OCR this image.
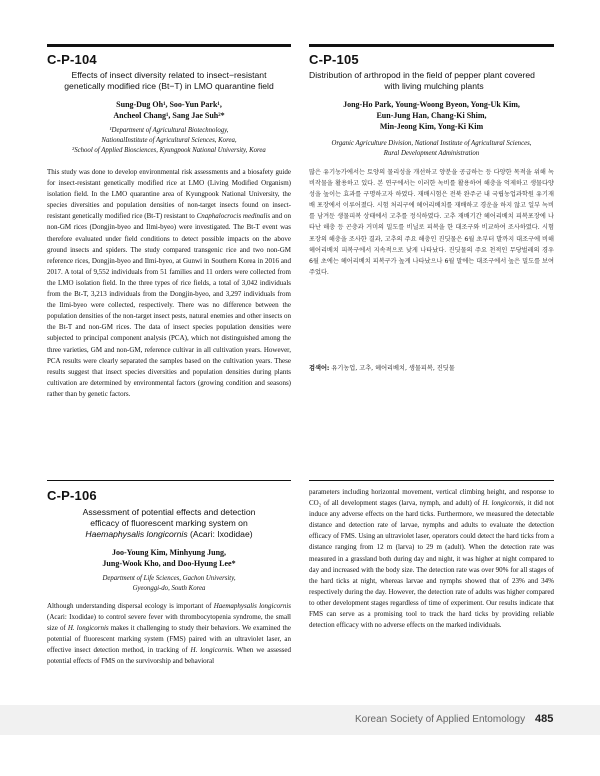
C-P-104
Effects of insect diversity related to insect−resistant
genetically modified rice (Bt−T) in LMO quarantine field
Sung-Dug Oh¹, Soo-Yun Park¹,
Ancheol Chang¹, Sang Jae Suh²*
¹Department of Agricultural Biotechnology,
NationalInstitute of Agricultural Sciences, Korea,
²School of Applied Biosciences, Kyungpook National University, Korea

This study was done to develop environmental risk assessments and a biosafety guide for insect-resistant genetically modified rice at LMO (Living Modified Organism) isolation field. In the LMO quarantine area of Kyungpook National University, the species diversities and population densities of non-target insects found on insect-resistant genetically modified rice (Bt-T) resistant to Cnaphalocrocis medinalis and on non-GM rices (Dongjin-byeo and Ilmi-byeo) were investigated. The Bt-T event was therefore evaluated under field conditions to detect possible impacts on the above ground insects and spiders. The study compared transgenic rice and two non-GM reference rices, Dongjin-byeo and Ilmi-byeo, at Gunwi in Southern Korea in 2016 and 2017. A total of 9,552 individuals from 51 families and 11 orders were collected from the LMO isolation field. In the three types of rice fields, a total of 3,042 individuals from the Bt-T, 3,213 individuals from the Dongjin-byeo, and 3,297 individuals from the Ilmi-byeo were collected, respectively. There was no difference between the population densities of the non-target insect pests, natural enemies and other insects on the Bt-T and non-GM rices. The data of insect species population densities were subjected to principal component analysis (PCA), which not distinguished among the three varieties, GM and non-GM, reference cultivar in all cultivation years. However, PCA results were clearly separated the samples based on the cultivation years. These results suggest that insect species diversities and population densities during plants cultivation are determined by environmental factors (growing condition and seasons) rather than by genetic factors.

C-P-105
Distribution of arthropod in the field of pepper plant covered
with living mulching plants
Jong-Ho Park, Young-Woong Byeon, Yong-Uk Kim,
Eun-Jung Han, Chang-Ki Shim,
Min-Jeong Kim, Yong-Ki Kim
Organic Agriculture Division, National Institute of Agricultural Sciences,
Rural Development Administration
많은 유기농가에서는 토양의 물리성을 개선하고 양분을 공급하는 등 다양한 목적을 위해 녹비작물을 활용하고 있다. 본 연구에서는 이러한 녹비를 활용하여 해충을 억제하고 생물다양성을 높이는 효과를 구명하고자 하였다. 재배시험은 전북 완주군 내 국립농업과학원 유기재배 포장에서 이루어졌다. 시험 처리구에 헤어리베치를 재배하고 경운을 하지 않고 일부 녹비를 남겨둔 생물피복 상태에서 고추를 정식하였다. 고추 재배기간 헤어리베치 피복포장에 나타난 해충 등 곤충과 거미의 밀도를 비닐로 피복을 한 대조구와 비교하여 조사하였다. 시험포장의 해충을 조사한 결과, 고추의 주요 해충인 진딧물은 6월 초부터 발까지 대조구에 비해 헤어리베치 피복구에서 지속적으로 낮게 나타났다. 진딧물의 주요 천적인 무당벌레의 경우 6월 초에는 헤어리베치 피복구가 높게 나타났으나 6월 말에는 대조구에서 높은 밀도를 보여주었다.
검색어: 유기농업, 고추, 헤어리베치, 생물피복, 진딧물
C-P-106
Assessment of potential effects and detection
efficacy of fluorescent marking system on
Haemaphysalis longicornis (Acari: Ixodidae)
Joo-Young Kim, Minhyung Jung,
Jung-Wook Kho, and Doo-Hyung Lee*
Department of Life Sciences, Gachon University,
Gyeonggi-do, South Korea

Although understanding dispersal ecology is important of Haemaphysalis longicornis (Acari: Ixodidae) to control severe fever with thrombocytopenia syndrome, the small size of H. longicornis makes it challenging to study their behaviors. We examined the potential of fluorescent marking system (FMS) paired with an ultraviolet laser, an effective insect detection method, in tracking of H. longicornis. When we assessed potential effects of FMS on the survivorship and behavioral

parameters including horizontal movement, vertical climbing height, and response to CO₂ of all development stages (larva, nymph, and adult) of H. longicornis, it did not induce any adverse effects on the hard ticks. Furthermore, we measured the detectable distance and detection rate of larvae, nymphs and adults to evaluate the detection efficacy of FMS. Using an ultraviolet laser, operators could detect the hard ticks from a distance ranging from 12 m (larva) to 29 m (adult). When the detection rate was measured in a grassland both during day and night, it was higher at night compared to day and increased with the body size. The detection rate was over 90% for all stages of the hard ticks at night, whereas larvae and nymphs showed that of 23% and 34% respectively during the day. However, the detection rate of adults was higher compared to other development stages regardless of time of experiment. Our results indicate that FMS can serve as a promising tool to track the hard ticks by providing reliable detection efficacy with no adverse effects on the marked individuals.

Korean Society of Applied Entomology 485
